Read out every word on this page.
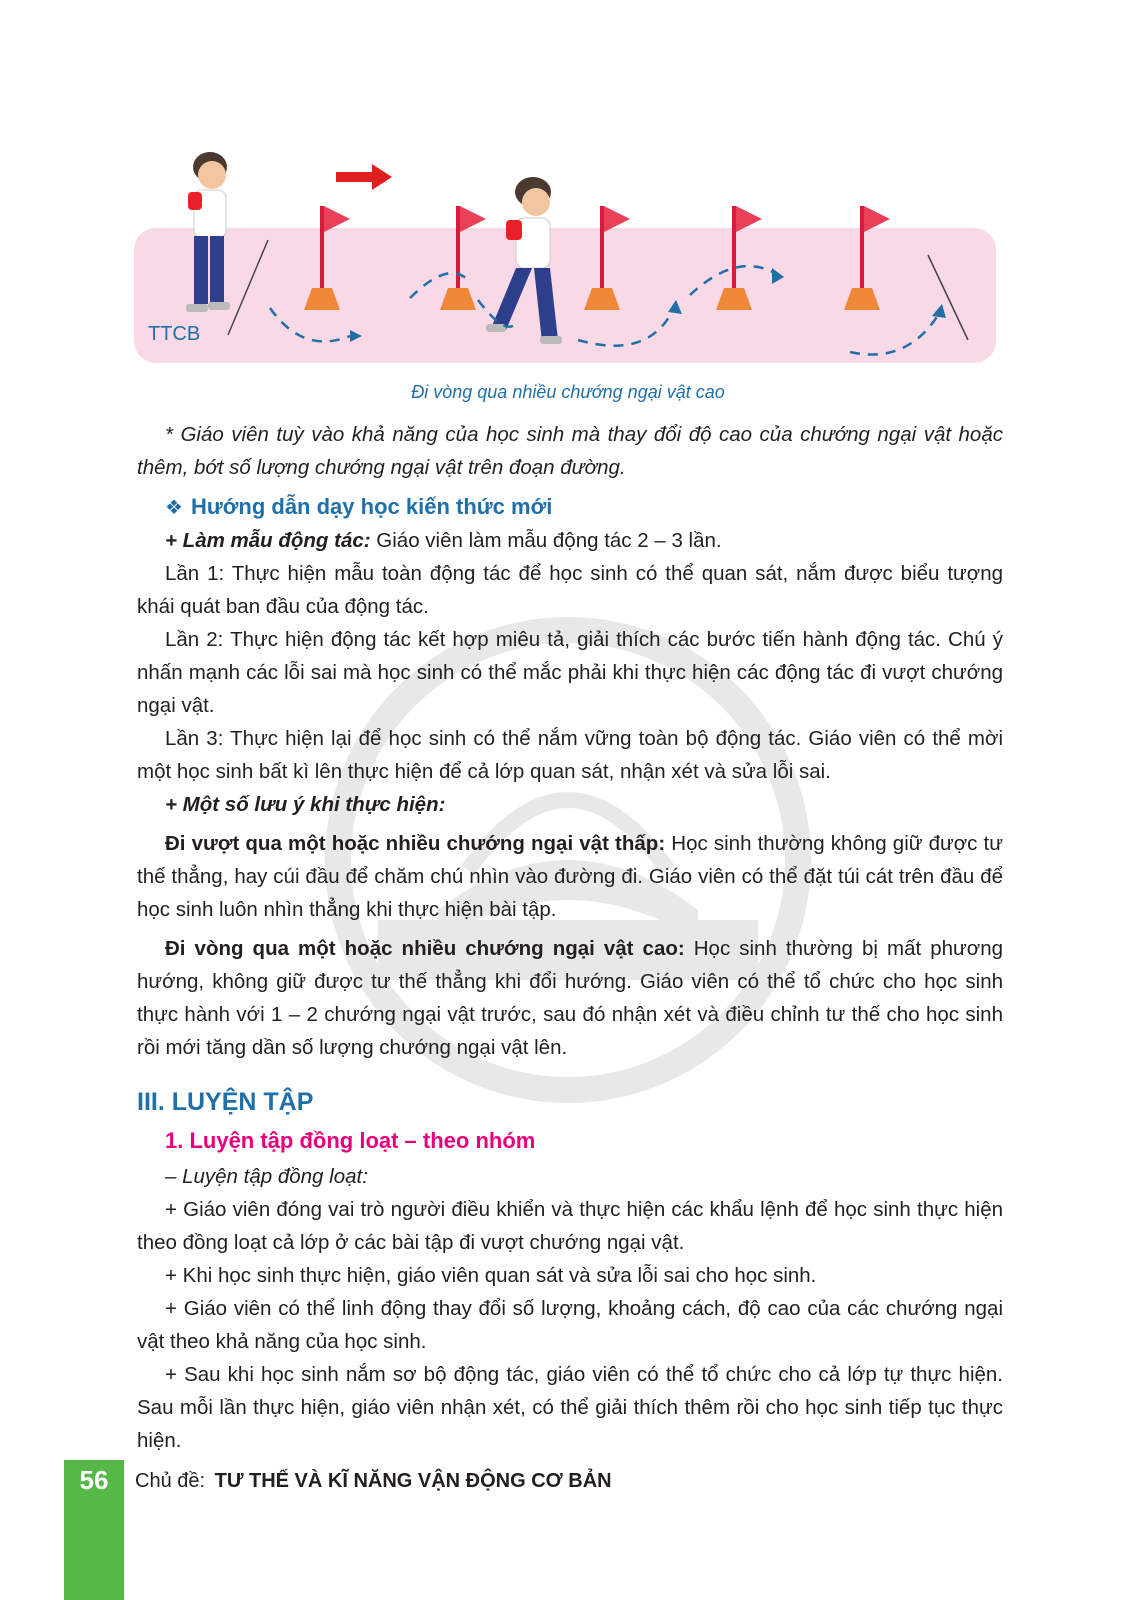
TTCB
Đi vòng qua nhiều chướng ngại vật cao

* Giáo viên tuỳ vào khả năng của học sinh mà thay đổi độ cao của chướng ngại vật hoặc thêm, bớt số lượng chướng ngại vật trên đoạn đường.

❖ Hướng dẫn dạy học kiến thức mới

+ Làm mẫu động tác: Giáo viên làm mẫu động tác 2 – 3 lần.

Lần 1: Thực hiện mẫu toàn động tác để học sinh có thể quan sát, nắm được biểu tượng khái quát ban đầu của động tác.

Lần 2: Thực hiện động tác kết hợp miêu tả, giải thích các bước tiến hành động tác. Chú ý nhấn mạnh các lỗi sai mà học sinh có thể mắc phải khi thực hiện các động tác đi vượt chướng ngại vật.

Lần 3: Thực hiện lại để học sinh có thể nắm vững toàn bộ động tác. Giáo viên có thể mời một học sinh bất kì lên thực hiện để cả lớp quan sát, nhận xét và sửa lỗi sai.

+ Một số lưu ý khi thực hiện:

Đi vượt qua một hoặc nhiều chướng ngại vật thấp: Học sinh thường không giữ được tư thế thẳng, hay cúi đầu để chăm chú nhìn vào đường đi. Giáo viên có thể đặt túi cát trên đầu để học sinh luôn nhìn thẳng khi thực hiện bài tập.

Đi vòng qua một hoặc nhiều chướng ngại vật cao: Học sinh thường bị mất phương hướng, không giữ được tư thế thẳng khi đổi hướng. Giáo viên có thể tổ chức cho học sinh thực hành với 1 – 2 chướng ngại vật trước, sau đó nhận xét và điều chỉnh tư thế cho học sinh rồi mới tăng dần số lượng chướng ngại vật lên.

III. LUYỆN TẬP
1. Luyện tập đồng loạt – theo nhóm

– Luyện tập đồng loạt:

+ Giáo viên đóng vai trò người điều khiển và thực hiện các khẩu lệnh để học sinh thực hiện theo đồng loạt cả lớp ở các bài tập đi vượt chướng ngại vật.

+ Khi học sinh thực hiện, giáo viên quan sát và sửa lỗi sai cho học sinh.

+ Giáo viên có thể linh động thay đổi số lượng, khoảng cách, độ cao của các chướng ngại vật theo khả năng của học sinh.

+ Sau khi học sinh nắm sơ bộ động tác, giáo viên có thể tổ chức cho cả lớp tự thực hiện. Sau mỗi lần thực hiện, giáo viên nhận xét, có thể giải thích thêm rồi cho học sinh tiếp tục thực hiện.

56	Chủ đề: TƯ THẾ VÀ KĨ NĂNG VẬN ĐỘNG CƠ BẢN
